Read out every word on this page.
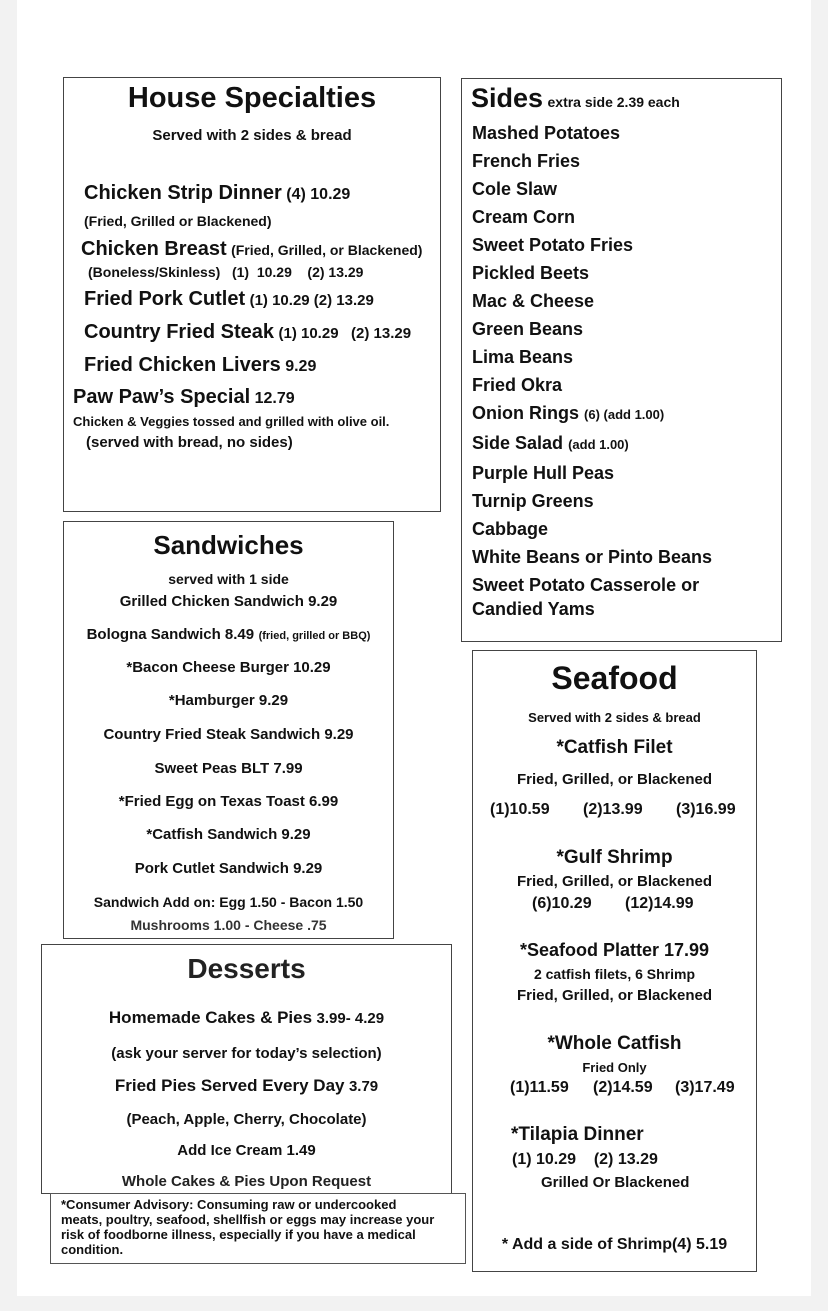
House Specialties
Served with 2 sides & bread
Chicken Strip Dinner (4) 10.29
(Fried, Grilled or Blackened)
Chicken Breast (Fried, Grilled, or Blackened)
(Boneless/Skinless)   (1)  10.29    (2) 13.29
Fried Pork Cutlet (1) 10.29 (2) 13.29
Country Fried Steak (1) 10.29   (2) 13.29
Fried Chicken Livers 9.29
Paw Paw’s Special 12.79
Chicken & Veggies tossed and grilled with olive oil.
(served with bread, no sides)
Sides extra side 2.39 each
Mashed Potatoes
French Fries
Cole Slaw
Cream Corn
Sweet Potato Fries
Pickled Beets
Mac & Cheese
Green Beans
Lima Beans
Fried Okra
Onion Rings (6) (add 1.00)
Side Salad (add 1.00)
Purple Hull Peas
Turnip Greens
Cabbage
White Beans or Pinto Beans
Sweet Potato Casserole or
Candied Yams
Sandwiches
served with 1 side
Grilled Chicken Sandwich 9.29
Bologna Sandwich 8.49 (fried, grilled or BBQ)
*Bacon Cheese Burger 10.29
*Hamburger 9.29
Country Fried Steak Sandwich 9.29
Sweet Peas BLT 7.99
*Fried Egg on Texas Toast 6.99
*Catfish Sandwich 9.29
Pork Cutlet Sandwich 9.29
Sandwich Add on: Egg 1.50 - Bacon 1.50
Mushrooms 1.00 - Cheese .75
Seafood
Served with 2 sides & bread
*Catfish Filet
Fried, Grilled, or Blackened
(1)10.59 (2)13.99 (3)16.99
*Gulf Shrimp
Fried, Grilled, or Blackened
(6)10.29 (12)14.99
*Seafood Platter 17.99
2 catfish filets, 6 Shrimp
Fried, Grilled, or Blackened
*Whole Catfish
Fried Only
(1)11.59 (2)14.59 (3)17.49
*Tilapia Dinner
(1) 10.29    (2) 13.29
Grilled Or Blackened
* Add a side of Shrimp(4) 5.19
Desserts
Homemade Cakes & Pies 3.99- 4.29
(ask your server for today’s selection)
Fried Pies Served Every Day 3.79
(Peach, Apple, Cherry, Chocolate)
Add Ice Cream 1.49
Whole Cakes & Pies Upon Request
*Consumer Advisory: Consuming raw or undercooked
meats, poultry, seafood, shellfish or eggs may increase your
risk of foodborne illness, especially if you have a medical
condition.
